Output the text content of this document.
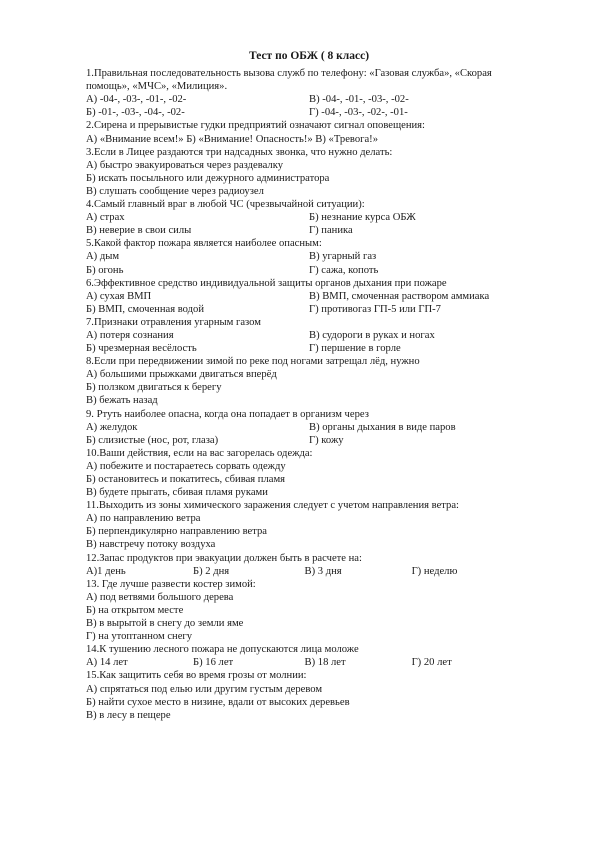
Тест по ОБЖ ( 8 класс)
1.Правильная последовательность вызова служб по телефону: «Газовая служба», «Скорая помощь», «МЧС», «Милиция».
А) -04-, -03-, -01-, -02-	В) -04-, -01-, -03-, -02-
Б) -01-, -03-, -04-, -02-	Г) -04-, -03-, -02-, -01-
2.Сирена и прерывистые гудки предприятий означают сигнал оповещения:
А) «Внимание всем!» Б) «Внимание! Опасность!» В) «Тревога!»
3.Если в Лицее раздаются три надсадных звонка, что нужно делать:
А) быстро эвакуироваться через раздевалку
Б) искать посыльного или дежурного администратора
В) слушать сообщение через радиоузел
4.Самый главный враг в любой ЧС (чрезвычайной ситуации):
А) страх	Б) незнание курса ОБЖ
В) неверие в свои силы	Г) паника
5.Какой фактор пожара является наиболее опасным:
А) дым	В) угарный газ
Б) огонь	Г) сажа, копоть
6.Эффективное средство индивидуальной защиты органов дыхания при пожаре
А) сухая ВМП	В) ВМП, смоченная раствором аммиака
Б) ВМП, смоченная водой	Г) противогаз ГП-5 или ГП-7
7.Признаки отравления угарным газом
А) потеря сознания	В) судороги в руках и ногах
Б) чрезмерная весёлость	Г) першение в горле
8.Если при передвижении зимой по реке под ногами затрещал лёд, нужно
А) большими прыжками двигаться вперёд
Б) ползком двигаться к берегу
В) бежать назад
9. Ртуть наиболее опасна, когда она попадает в организм через
А) желудок	В) органы дыхания в виде паров
Б) слизистые (нос, рот, глаза)	Г) кожу
10.Ваши действия, если на вас загорелась одежда:
А) побежите и постараетесь сорвать одежду
Б) остановитесь и покатитесь, сбивая пламя
В) будете прыгать, сбивая пламя руками
11.Выходить из зоны химического заражения следует с учетом направления ветра:
А) по направлению ветра
Б) перпендикулярно направлению ветра
В) навстречу потоку воздуха
12.Запас продуктов при эвакуации должен быть в расчете на:
А)1 день	Б) 2 дня	В) 3 дня	Г) неделю
13. Где лучше развести костер зимой:
А) под ветвями большого дерева
Б) на открытом месте
В) в вырытой в снегу до земли яме
Г) на утоптанном снегу
14.К тушению лесного пожара не допускаются лица моложе
А) 14 лет	Б) 16 лет	В) 18 лет	Г) 20 лет
15.Как защитить себя во время грозы от молнии:
А) спрятаться под елью или другим густым деревом
Б) найти сухое место в низине, вдали от высоких деревьев
В) в лесу в пещере
